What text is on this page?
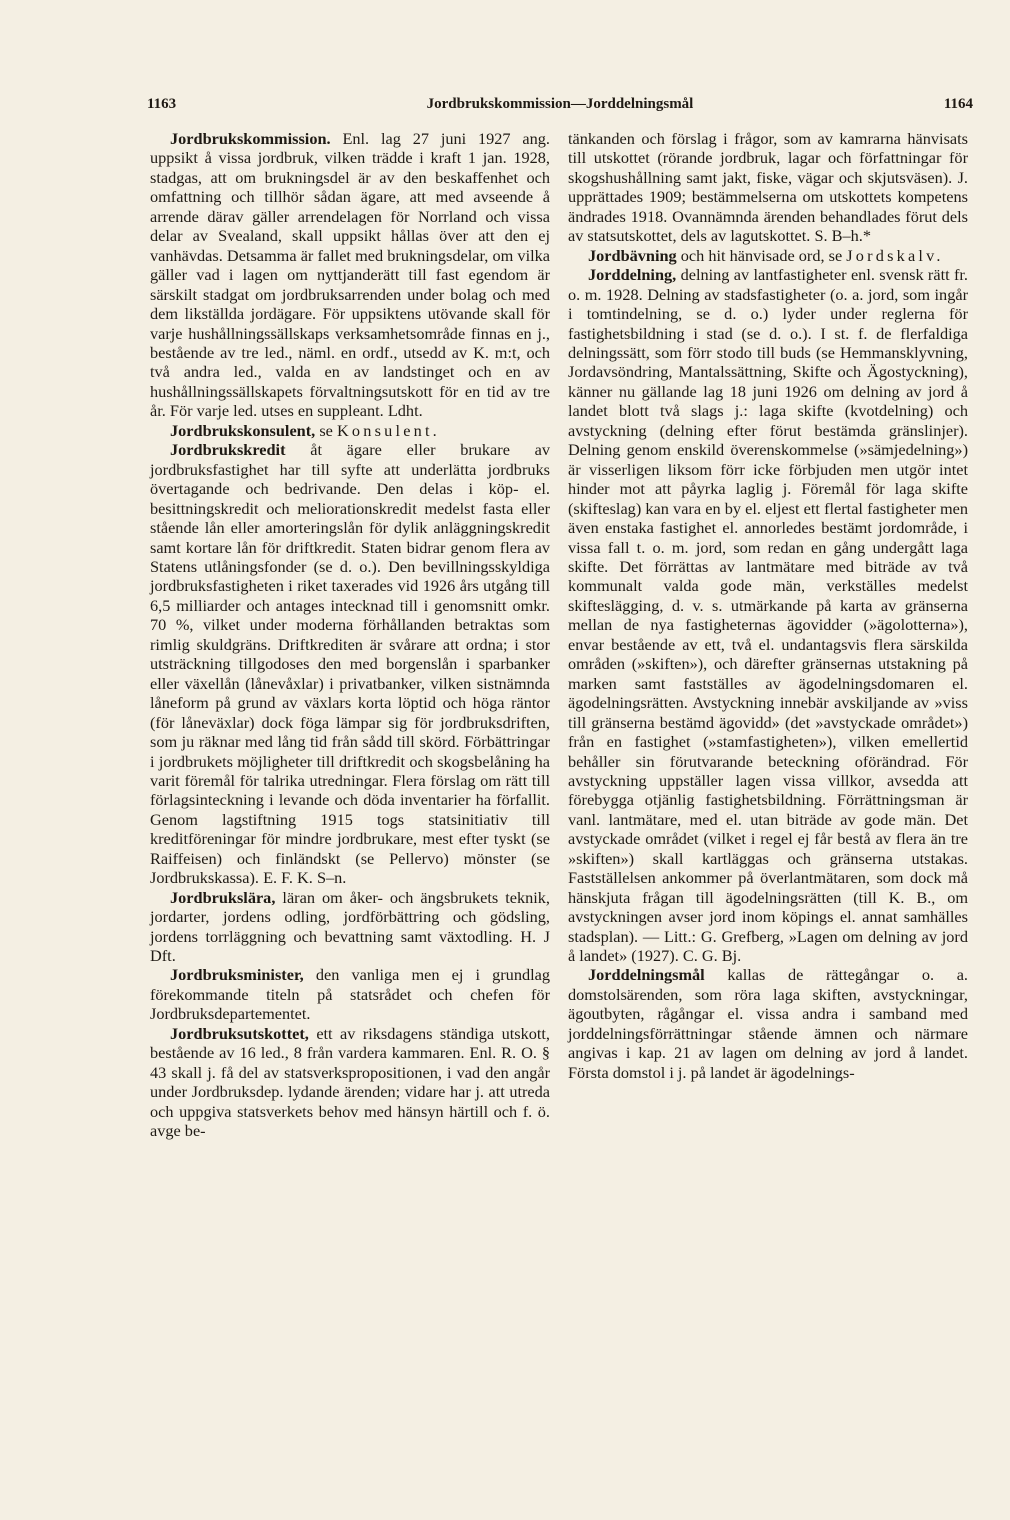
1163	Jordbrukskommission—Jorddelningsmål	1164

Jordbrukskommission. Enl. lag 27 juni 1927 ang. uppsikt å vissa jordbruk, vilken trädde i kraft 1 jan. 1928, stadgas, att om brukningsdel är av den beskaffenhet och omfattning och tillhör sådan ägare, att med avseende å arrende därav gäller arrendelagen för Norrland och vissa delar av Svealand, skall uppsikt hållas över att den ej vanhävdas. Detsamma är fallet med brukningsdelar, om vilka gäller vad i lagen om nyttjanderätt till fast egendom är särskilt stadgat om jordbruksarrenden under bolag och med dem likställda jordägare. För uppsiktens utövande skall för varje hushållningssällskaps verksamhetsområde finnas en j., bestående av tre led., näml. en ordf., utsedd av K. m:t, och två andra led., valda en av landstinget och en av hushållningssällskapets förvaltningsutskott för en tid av tre år. För varje led. utses en suppleant. Ldht.

Jordbrukskonsulent, se Konsulent.

Jordbrukskredit åt ägare eller brukare av jordbruksfastighet har till syfte att underlätta jordbruks övertagande och bedrivande. Den delas i köp- el. besittningskredit och meliorationskredit medelst fasta eller stående lån eller amorteringslån för dylik anläggningskredit samt kortare lån för driftkredit. Staten bidrar genom flera av Statens utlåningsfonder (se d. o.). Den bevillningsskyldiga jordbruksfastigheten i riket taxerades vid 1926 års utgång till 6,5 milliarder och antages intecknad till i genomsnitt omkr. 70 %, vilket under moderna förhållanden betraktas som rimlig skuldgräns. Driftkrediten är svårare att ordna; i stor utsträckning tillgodoses den med borgenslån i sparbanker eller växellån (lånevåxlar) i privatbanker, vilken sistnämnda låneform på grund av växlars korta löptid och höga räntor (för låneväxlar) dock föga lämpar sig för jordbruksdriften, som ju räknar med lång tid från sådd till skörd. Förbättringar i jordbrukets möjligheter till driftkredit och skogsbelåning ha varit föremål för talrika utredningar. Flera förslag om rätt till förlagsinteckning i levande och döda inventarier ha förfallit. Genom lagstiftning 1915 togs statsinitiativ till kreditföreningar för mindre jordbrukare, mest efter tyskt (se Raiffeisen) och finländskt (se Pellervo) mönster (se Jordbrukskassa). E. F. K. S–n.

Jordbrukslära, läran om åker- och ängsbrukets teknik, jordarter, jordens odling, jordförbättring och gödsling, jordens torrläggning och bevattning samt växtodling. H. J Dft.

Jordbruksminister, den vanliga men ej i grundlag förekommande titeln på statsrådet och chefen för Jordbruksdepartementet.

Jordbruksutskottet, ett av riksdagens ständiga utskott, bestående av 16 led., 8 från vardera kammaren. Enl. R. O. § 43 skall j. få del av statsverkspropositionen, i vad den angår under Jordbruksdep. lydande ärenden; vidare har j. att utreda och uppgiva statsverkets behov med hänsyn härtill och f. ö. avge be-

tänkanden och förslag i frågor, som av kamrarna hänvisats till utskottet (rörande jordbruk, lagar och författningar för skogshushållning samt jakt, fiske, vägar och skjutsväsen). J. upprättades 1909; bestämmelserna om utskottets kompetens ändrades 1918. Ovannämnda ärenden behandlades förut dels av statsutskottet, dels av lagutskottet. S. B–h.*

Jordbävning och hit hänvisade ord, se Jordskalv.

Jorddelning, delning av lantfastigheter enl. svensk rätt fr. o. m. 1928. Delning av stadsfastigheter (o. a. jord, som ingår i tomtindelning, se d. o.) lyder under reglerna för fastighetsbildning i stad (se d. o.). I st. f. de flerfaldiga delningssätt, som förr stodo till buds (se Hemmansklyvning, Jordavsöndring, Mantalssättning, Skifte och Ägostyckning), känner nu gällande lag 18 juni 1926 om delning av jord å landet blott två slags j.: laga skifte (kvotdelning) och avstyckning (delning efter förut bestämda gränslinjer). Delning genom enskild överenskommelse (»sämjedelning») är visserligen liksom förr icke förbjuden men utgör intet hinder mot att påyrka laglig j. Föremål för laga skifte (skifteslag) kan vara en by el. eljest ett flertal fastigheter men även enstaka fastighet el. annorledes bestämt jordområde, i vissa fall t. o. m. jord, som redan en gång undergått laga skifte. Det förrättas av lantmätare med biträde av två kommunalt valda gode män, verkställes medelst skifteslägging, d. v. s. utmärkande på karta av gränserna mellan de nya fastigheternas ägovidder (»ägolotterna»), envar bestående av ett, två el. undantagsvis flera särskilda områden (»skiften»), och därefter gränsernas utstakning på marken samt fastställes av ägodelningsdomaren el. ägodelningsrätten. Avstyckning innebär avskiljande av »viss till gränserna bestämd ägovidd» (det »avstyckade området») från en fastighet (»stamfastigheten»), vilken emellertid behåller sin förutvarande beteckning oförändrad. För avstyckning uppställer lagen vissa villkor, avsedda att förebygga otjänlig fastighetsbildning. Förrättningsman är vanl. lantmätare, med el. utan biträde av gode män. Det avstyckade området (vilket i regel ej får bestå av flera än tre »skiften») skall kartläggas och gränserna utstakas. Fastställelsen ankommer på överlantmätaren, som dock må hänskjuta frågan till ägodelningsrätten (till K. B., om avstyckningen avser jord inom köpings el. annat samhälles stadsplan). — Litt.: G. Grefberg, »Lagen om delning av jord å landet» (1927). C. G. Bj.

Jorddelningsmål kallas de rättegångar o. a. domstolsärenden, som röra laga skiften, avstyckningar, ägoutbyten, rågångar el. vissa andra i samband med jorddelningsförrättningar stående ämnen och närmare angivas i kap. 21 av lagen om delning av jord å landet. Första domstol i j. på landet är ägodelnings-
